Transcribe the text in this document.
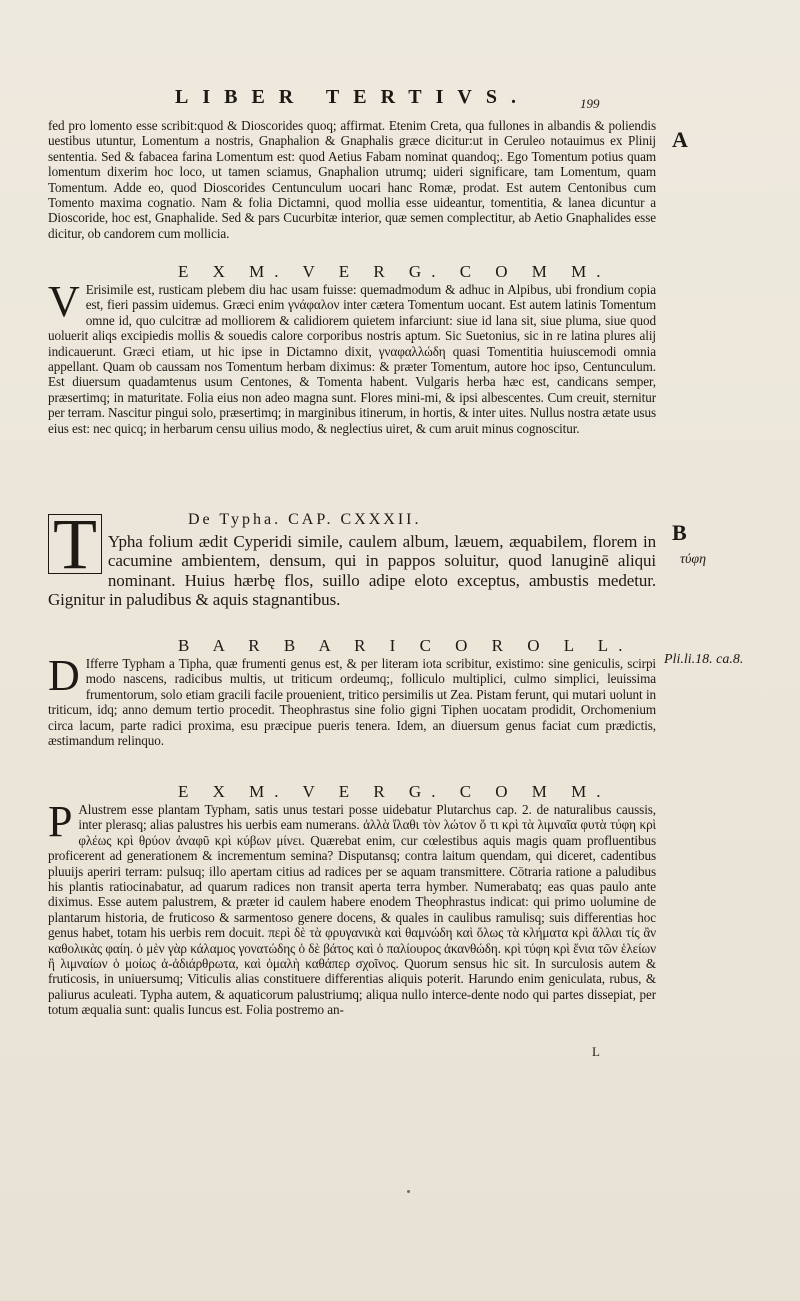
LIBER TERTIVS.	199

fed pro lomento esse scribit:quod & Dioscorides quoq; affirmat. Etenim Creta, qua fullones in albandis & poliendis uestibus utuntur, Lomentum a nostris, Gnaphalion & Gnaphalis græce dicitur:ut in Ceruleo notauimus ex Plinij sententia. Sed & fabacea farina Lomentum est: quod Aetius Fabam nominat quandoq;. Ego Tomentum potius quam lomentum dixerim hoc loco, ut tamen sciamus, Gnaphalion utrumq; uideri significare, tam Lomentum, quam Tomentum. Adde eo, quod Dioscorides Centunculum uocari hanc Romæ, prodat. Est autem Centonibus cum Tomento maxima cognatio. Nam & folia Dictamni, quod mollia esse uideantur, tomentitia, & lanea dicuntur a Dioscoride, hoc est, Gnaphalide. Sed & pars Cucurbitæ interior, quæ semen complectitur, ab Aetio Gnaphalides esse dicitur, ob candorem cum mollicia.

E X M. V E R G. C O M M.
V Erisimile est, rusticam plebem diu hac usam fuisse: quemadmodum & adhuc in Alpibus, ubi frondium copia est, fieri passim uidemus. Græci enim γνάφαλον inter cætera Tomentum uocant. Est autem latinis Tomentum omne id, quo culcitræ ad molliorem & calidiorem quietem infarciunt: siue id lana sit, siue pluma, siue quod uoluerit aliqs excipiedis mollis & souedis calore corporibus nostris aptum. Sic Suetonius, sic in re latina plures alij indicauerunt. Græci etiam, ut hic ipse in Dictamno dixit, γναφαλλώδη quasi Tomentitia huiuscemodi omnia appellant. Quam ob caussam nos Tomentum herbam diximus: & præter Tomentum, autore hoc ipso, Centunculum. Est diuersum quadamtenus usum Centones, & Tomenta habent. Vulgaris herba hæc est, candicans semper, præsertimq; in maturitate. Folia eius non adeo magna sunt. Flores mini-mi, & ipsi albescentes. Cum creuit, sternitur per terram. Nascitur pingui solo, præsertimq; in marginibus itinerum, in hortis, & inter uites. Nullus nostra ætate usus eius est: nec quicq; in herbarum censu uilius modo, & neglectius uiret, & cum aruit minus cognoscitur.

T	De Typha. CAP. CXXXII.

Ypha folium ædit Cyperidi simile, caulem album, læuem, æquabilem, florem in cacumine ambientem, densum, qui in pappos soluitur, quod lanuginē aliqui nominant. Huius hærbę flos, suillo adipe eloto exceptus, ambustis medetur. Gignitur in paludibus & aquis stagnantibus.

B A R B A R I C O R O L L.
D Ifferre Typham a Tipha, quæ frumenti genus est, & per literam iota scribitur, existimo: sine geniculis, scirpi modo nascens, radicibus multis, ut triticum ordeumq;, folliculo multiplici, culmo simplici, leuissima frumentorum, solo etiam gracili facile prouenient, tritico persimilis ut Zea. Pistam ferunt, qui mutari uolunt in triticum, idq; anno demum tertio procedit. Theophrastus sine folio gigni Tiphen uocatam prodidit, Orchomenium circa lacum, parte radici proxima, esu præcipue pueris tenera. Idem, an diuersum genus faciat cum prædictis, æstimandum relinquo.

E X M. V E R G. C O M M.
P Alustrem esse plantam Typham, satis unus testari posse uidebatur Plutarchus cap. 2. de naturalibus caussis, inter plerasq; alias palustres his uerbis eam numerans. ἀλλὰ ἴλαθι τὸν λώτον ὅ τι κρὶ τὰ λιμναῖα φυτὰ τύφη κρὶ φλέως κρὶ θρύον ἀναφῦ κρὶ κύβων μίνει. Quærebat enim, cur cœlestibus aquis magis quam profluentibus proficerent ad generationem & incrementum semina? Disputansq; contra laitum quendam, qui diceret, cadentibus pluuijs aperiri terram: pulsuq; illo apertam citius ad radices per se aquam transmittere. Cōtraria ratione a paludibus his plantis ratiocinabatur, ad quarum radices non transit aperta terra hymber. Numerabatq; eas quas paulo ante diximus. Esse autem palustrem, & præter id caulem habere enodem Theophrastus indicat: qui primo uolumine de plantarum historia, de fruticoso & sarmentoso genere docens, & quales in caulibus ramulisq; suis differentias hoc genus habet, totam his uerbis rem docuit. περὶ δὲ τὰ φρυγανικὰ καὶ θαμνώδη καὶ ὅλως τὰ κλήματα κρὶ ἄλλαι τίς ἂν καθολικὰς φαίη. ὁ μὲν γὰρ κάλαμος γονατώδης ὁ δὲ βάτος καὶ ὁ παλίουρος ἀκανθώδη. κρὶ τύφη κρὶ ἔνια τῶν ἑλείων ἢ λιμναίων ὁ μοίως ἀ-ἀδιάρθρωτα, καὶ ὁμαλὴ καθάπερ σχοῖνος. Quorum sensus hic sit. In surculosis autem & fruticosis, in uniuersumq; Viticulis alias constituere differentias aliquis poterit. Harundo enim geniculata, rubus, & paliurus aculeati. Typha autem, & aquaticorum palustriumq; aliqua nullo interce-dente nodo qui partes dissepiat, per totum æqualia sunt: qualis Iuncus est. Folia postremo an-

L
A
B
τύφη
Pli.li.18. ca.8.
